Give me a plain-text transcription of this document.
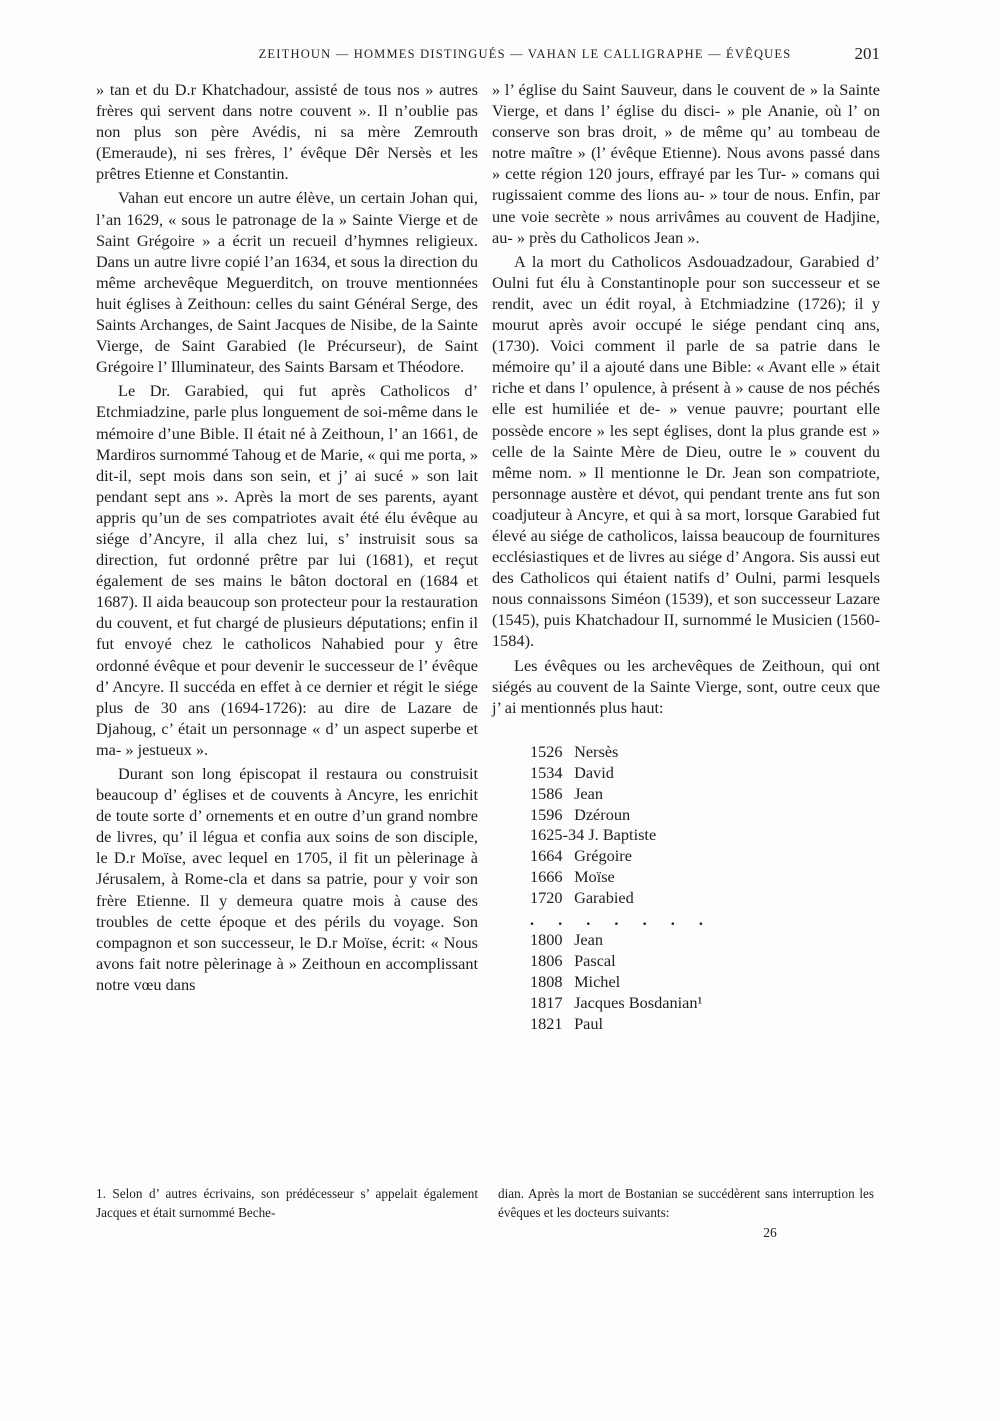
ZEITHOUN — HOMMES DISTINGUÉS — VAHAN LE CALLIGRAPHE — ÉVÊQUES	201

» tan et du D.r Khatchadour, assisté de tous nos » autres frères qui servent dans notre couvent ». Il n’oublie pas non plus son père Avédis, ni sa mère Zemrouth (Emeraude), ni ses frères, l’ évêque Dêr Nersès et les prêtres Etienne et Constantin.

Vahan eut encore un autre élève, un certain Johan qui, l’an 1629, « sous le patronage de la » Sainte Vierge et de Saint Grégoire » a écrit un recueil d’hymnes religieux. Dans un autre livre copié l’an 1634, et sous la direction du même archevêque Meguerditch, on trouve mentionnées huit églises à Zeithoun: celles du saint Général Serge, des Saints Archanges, de Saint Jacques de Nisibe, de la Sainte Vierge, de Saint Garabied (le Précurseur), de Saint Grégoire l’ Illuminateur, des Saints Barsam et Théodore.

Le Dr. Garabied, qui fut après Catholicos d’ Etchmiadzine, parle plus longuement de soi-même dans le mémoire d’une Bible. Il était né à Zeithoun, l’ an 1661, de Mardiros surnommé Tahoug et de Marie, « qui me porta, » dit-il, sept mois dans son sein, et j’ ai sucé » son lait pendant sept ans ». Après la mort de ses parents, ayant appris qu’un de ses compatriotes avait été élu évêque au siége d’Ancyre, il alla chez lui, s’ instruisit sous sa direction, fut ordonné prêtre par lui (1681), et reçut également de ses mains le bâton doctoral en (1684 et 1687). Il aida beaucoup son protecteur pour la restauration du couvent, et fut chargé de plusieurs députations; enfin il fut envoyé chez le catholicos Nahabied pour y être ordonné évêque et pour devenir le successeur de l’ évêque d’ Ancyre. Il succéda en effet à ce dernier et régit le siége plus de 30 ans (1694-1726): au dire de Lazare de Djahoug, c’ était un personnage « d’ un aspect superbe et ma- » jestueux ».

Durant son long épiscopat il restaura ou construisit beaucoup d’ églises et de couvents à Ancyre, les enrichit de toute sorte d’ ornements et en outre d’un grand nombre de livres, qu’ il légua et confia aux soins de son disciple, le D.r Moïse, avec lequel en 1705, il fit un pèlerinage à Jérusalem, à Rome-cla et dans sa patrie, pour y voir son frère Etienne. Il y demeura quatre mois à cause des troubles de cette époque et des périls du voyage. Son compagnon et son successeur, le D.r Moïse, écrit: « Nous avons fait notre pèlerinage à » Zeithoun en accomplissant notre vœu dans

» l’ église du Saint Sauveur, dans le couvent de » la Sainte Vierge, et dans l’ église du disci- » ple Ananie, où l’ on conserve son bras droit, » de même qu’ au tombeau de notre maître » (l’ évêque Etienne). Nous avons passé dans » cette région 120 jours, effrayé par les Tur- » comans qui rugissaient comme des lions au- » tour de nous. Enfin, par une voie secrète » nous arrivâmes au couvent de Hadjine, au- » près du Catholicos Jean ».

A la mort du Catholicos Asdouadzadour, Garabied d’ Oulni fut élu à Constantinople pour son successeur et se rendit, avec un édit royal, à Etchmiadzine (1726); il y mourut après avoir occupé le siége pendant cinq ans, (1730). Voici comment il parle de sa patrie dans le mémoire qu’ il a ajouté dans une Bible: « Avant elle » était riche et dans l’ opulence, à présent à » cause de nos péchés elle est humiliée et de- » venue pauvre; pourtant elle possède encore » les sept églises, dont la plus grande est » celle de la Sainte Mère de Dieu, outre le » couvent du même nom. » Il mentionne le Dr. Jean son compatriote, personnage austère et dévot, qui pendant trente ans fut son coadjuteur à Ancyre, et qui à sa mort, lorsque Garabied fut élevé au siége de catholicos, laissa beaucoup de fournitures ecclésiastiques et de livres au siége d’ Angora. Sis aussi eut des Catholicos qui étaient natifs d’ Oulni, parmi lesquels nous connaissons Siméon (1539), et son successeur Lazare (1545), puis Khatchadour II, surnommé le Musicien (1560-1584).

Les évêques ou les archevêques de Zeithoun, qui ont siégés au couvent de la Sainte Vierge, sont, outre ceux que j’ ai mentionnés plus haut:

1526 Nersès
1534 David
1586 Jean
1596 Dzéroun
1625-34 J. Baptiste
1664 Grégoire
1666 Moïse
1720 Garabied
. . . . . . .
1800 Jean
1806 Pascal
1808 Michel
1817 Jacques Bosdanian¹
1821 Paul
1. Selon d’ autres écrivains, son prédécesseur s’ appelait également Jacques et était surnommé Beche-
dian. Après la mort de Bostanian se succédèrent sans interruption les évêques et les docteurs suivants:
26
